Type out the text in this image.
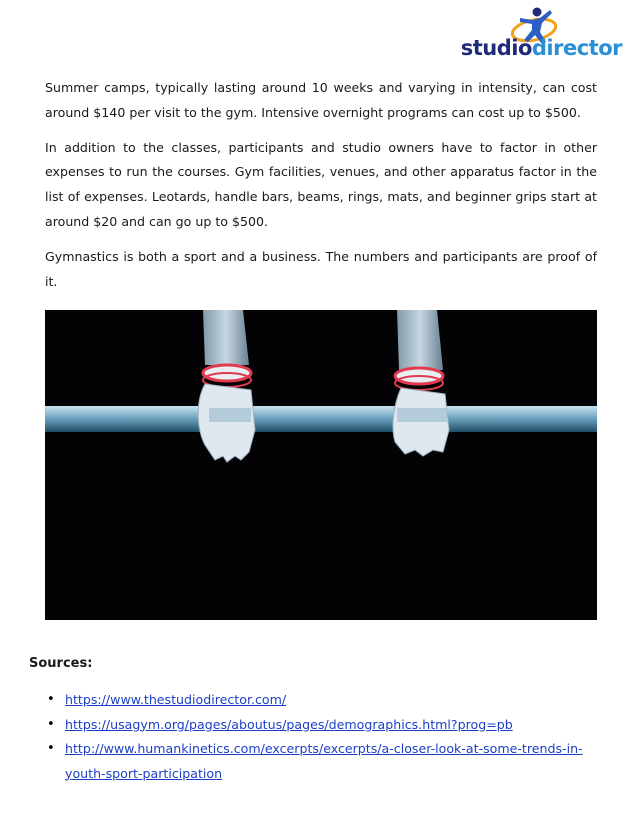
studiodirector

Summer camps, typically lasting around 10 weeks and varying in intensity, can cost around $140 per visit to the gym. Intensive overnight programs can cost up to $500.

In addition to the classes, participants and studio owners have to factor in other expenses to run the courses. Gym facilities, venues, and other apparatus factor in the list of expenses. Leotards, handle bars, beams, rings, mats, and beginner grips start at around $20 and can go up to $500.

Gymnastics is both a sport and a business. The numbers and participants are proof of it.

Sources:
• https://www.thestudiodirector.com/
• https://usagym.org/pages/aboutus/pages/demographics.html?prog=pb
• http://www.humankinetics.com/excerpts/excerpts/a-closer-look-at-some-trends-in-youth-sport-participation
